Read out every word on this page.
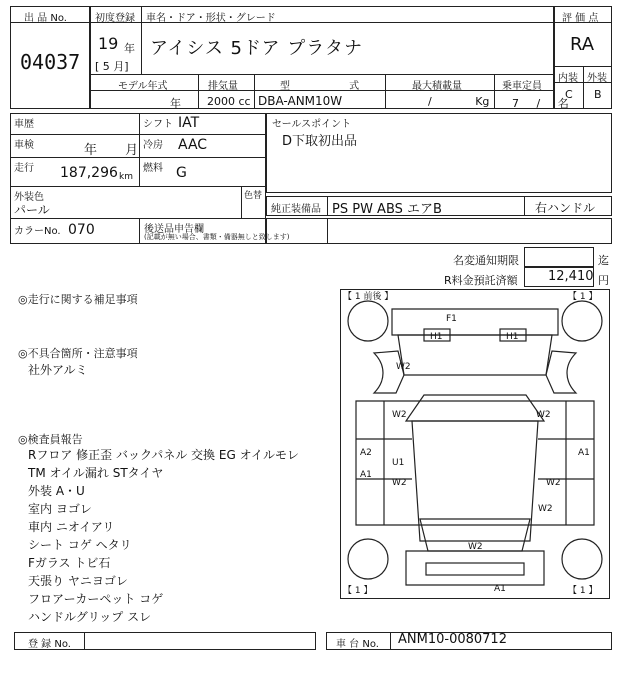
出 品 No.
04037
初度登録 車名・ドア・形状・グレード
19 年
[ 5 月]
アイシス 5ドア プラタナ
モデル年式	排気量	型 式 最大積載量	乗車定員
年 2000 cc DBA-ANM10W	/ Kg 7 / 名
評 価 点
RA
内装 外装
C B
車歴	シフト IAT
車検	年 月 冷房 AAC
走行 187,296 km
燃料 G
外装色
パール
色替
カラーNo. 070	後送品申告欄
(記載が無い場合、書類・備器無しと致します)
セールスポイント
D下取初出品
純正装備品 PS PW ABS エアB	右ハンドル
名変通知期限	迄
R料金預託済額 12,410 円
◎走行に関する補足事項
◎不具合箇所・注意事項
社外アルミ
◎検査員報告
Rフロア 修正歪 バックパネル 交換 EG オイルモレ
TM オイル漏れ STタイヤ
外装 A・U
室内 ヨゴレ
車内 ニオイアリ
シート コゲ ヘタリ
Fガラス トビ石
天張り ヤニヨゴレ
フロアーカーペット コゲ
ハンドルグリップ スレ
【 1 前後 】	【 1 】
【 1 】	【 1 】
F1
H1	H1
W2
W2	W2
A2
A1
U1
W2
A1
W2
W2
W2
A1
登 録 No.	車 台 No. ANM10-0080712
